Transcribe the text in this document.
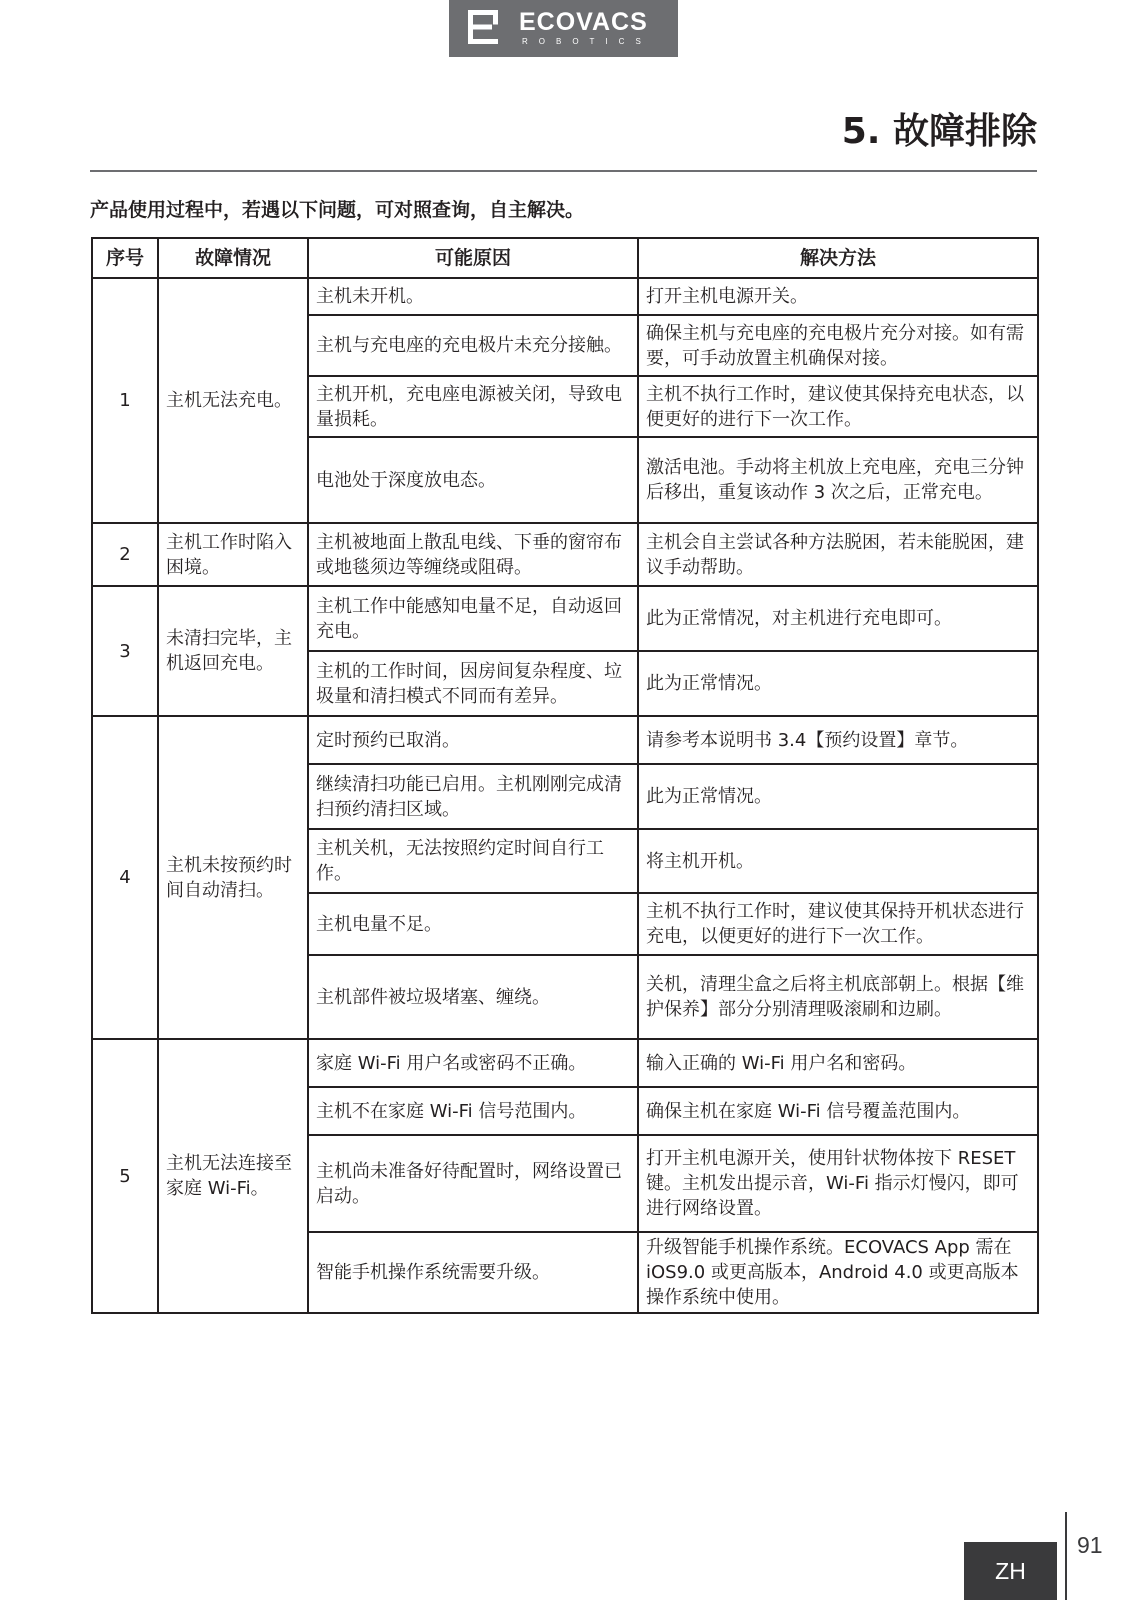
ECOVACS
ROBOTICS
5. 故障排除
产品使用过程中，若遇以下问题，可对照查询，自主解决。
序号	故障情况	可能原因	解决方法
1	主机无法充电。	主机未开机。	打开主机电源开关。
		主机与充电座的充电极片未充分接触。	确保主机与充电座的充电极片充分对接。如有需要，可手动放置主机确保对接。
		主机开机，充电座电源被关闭，导致电量损耗。	主机不执行工作时，建议使其保持充电状态，以便更好的进行下一次工作。
		电池处于深度放电态。	激活电池。手动将主机放上充电座，充电三分钟后移出，重复该动作 3 次之后，正常充电。
2	主机工作时陷入困境。	主机被地面上散乱电线、下垂的窗帘布或地毯须边等缠绕或阻碍。	主机会自主尝试各种方法脱困，若未能脱困，建议手动帮助。
3	未清扫完毕，主机返回充电。	主机工作中能感知电量不足，自动返回充电。	此为正常情况，对主机进行充电即可。
		主机的工作时间，因房间复杂程度、垃圾量和清扫模式不同而有差异。	此为正常情况。
4	主机未按预约时间自动清扫。	定时预约已取消。	请参考本说明书 3.4【预约设置】章节。
		继续清扫功能已启用。主机刚刚完成清扫预约清扫区域。	此为正常情况。
		主机关机，无法按照约定时间自行工作。	将主机开机。
		主机电量不足。	主机不执行工作时，建议使其保持开机状态进行充电，以便更好的进行下一次工作。
		主机部件被垃圾堵塞、缠绕。	关机，清理尘盒之后将主机底部朝上。根据【维护保养】部分分别清理吸滚刷和边刷。
5	主机无法连接至家庭 Wi-Fi。	家庭 Wi-Fi 用户名或密码不正确。	输入正确的 Wi-Fi 用户名和密码。
		主机不在家庭 Wi-Fi 信号范围内。	确保主机在家庭 Wi-Fi 信号覆盖范围内。
		主机尚未准备好待配置时，网络设置已启动。	打开主机电源开关，使用针状物体按下 RESET 键。主机发出提示音，Wi-Fi 指示灯慢闪，即可进行网络设置。
		智能手机操作系统需要升级。	升级智能手机操作系统。ECOVACS App 需在 iOS9.0 或更高版本，Android 4.0 或更高版本操作系统中使用。
ZH
91
